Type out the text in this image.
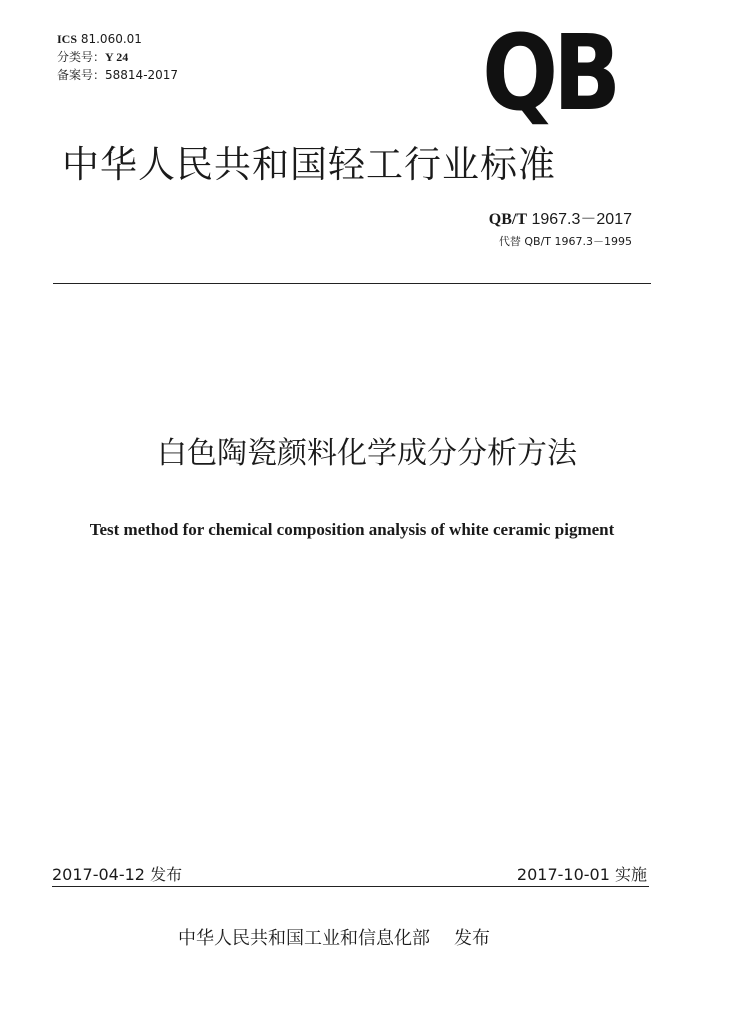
ICS 81.060.01
分类号：Y 24
备案号：58814-2017	QB
中华人民共和国轻工行业标准
QB/T 1967.3－2017
代替 QB/T 1967.3－1995
白色陶瓷颜料化学成分分析方法
Test method for chemical composition analysis of white ceramic pigment
2017-04-12 发布	2017-10-01 实施
中华人民共和国工业和信息化部 发布
